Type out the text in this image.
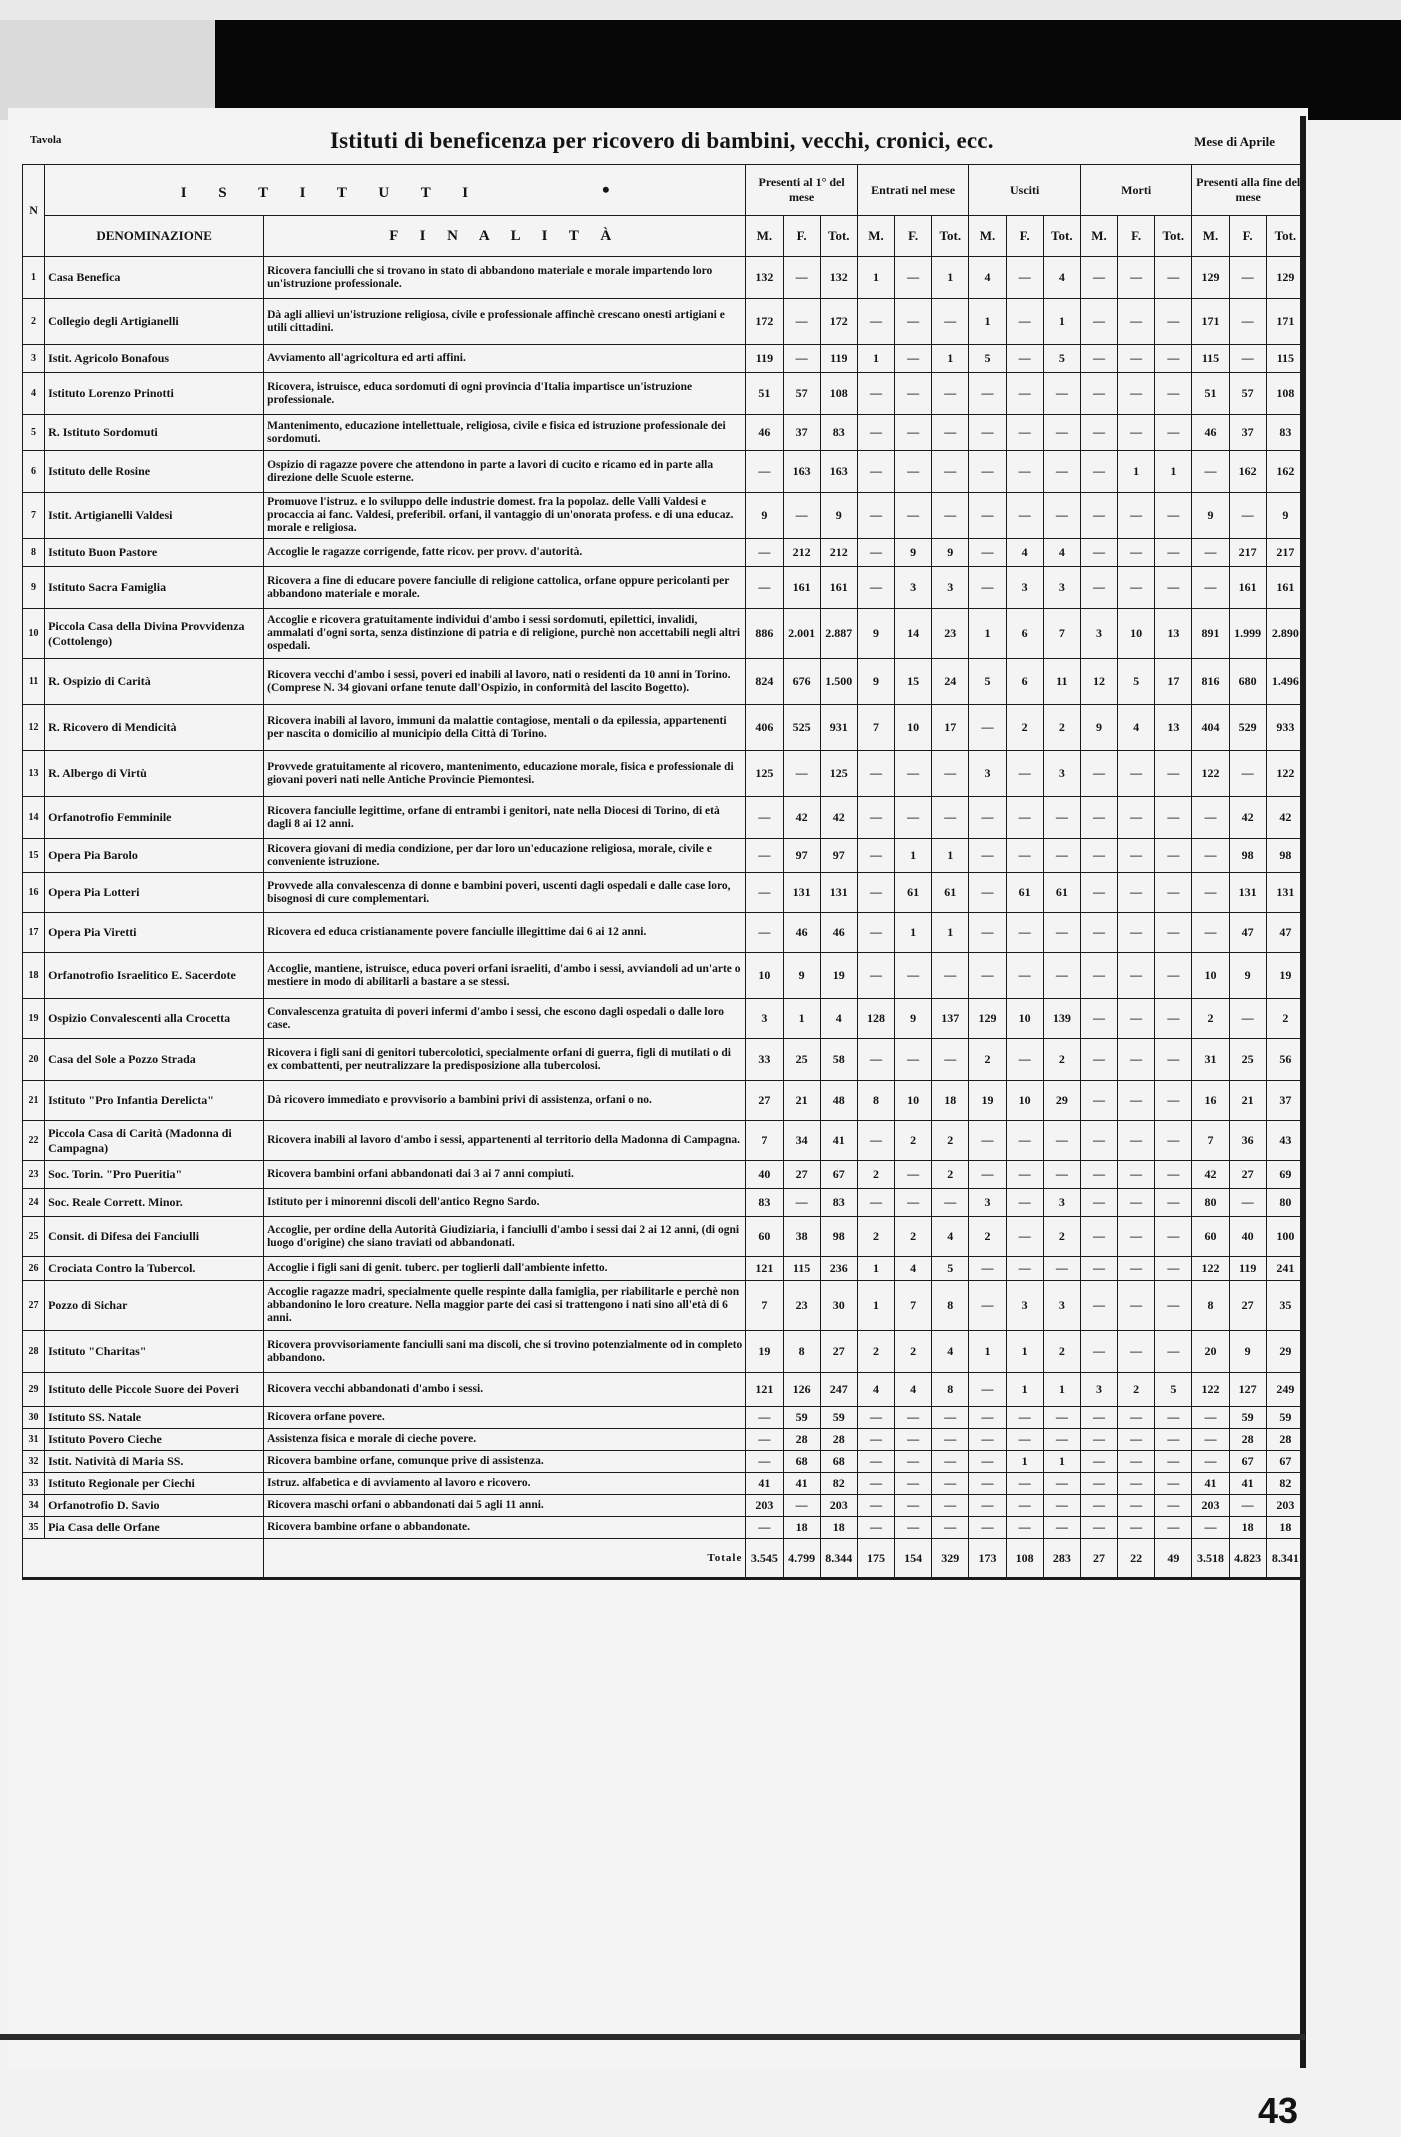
Tavola	Istituti di beneficenza per ricovero di bambini, vecchi, cronici, ecc.	Mese di Aprile
N	I S T I T U T I •		Presenti al 1° del mese			Entrati nel mese			Usciti			Morti			Presenti alla fine del mese		
	DENOMINAZIONE	F I N A L I T À	M.	F.	Tot.	M.	F.	Tot.	M.	F.	Tot.	M.	F.	Tot.	M.	F.	Tot.
1	Casa Benefica	Ricovera fanciulli che si trovano in stato di abbandono materiale e morale impartendo loro un'istruzione professionale.	132	—	132	1	—	1	4	—	4	—	—	—	129	—	129
2	Collegio degli Artigianelli	Dà agli allievi un'istruzione religiosa, civile e professionale affinchè crescano onesti artigiani e utili cittadini.	172	—	172	—	—	—	1	—	1	—	—	—	171	—	171
3	Istit. Agricolo Bonafous	Avviamento all'agricoltura ed arti affini.	119	—	119	1	—	1	5	—	5	—	—	—	115	—	115
4	Istituto Lorenzo Prinotti	Ricovera, istruisce, educa sordomuti di ogni provincia d'Italia impartisce un'istruzione professionale.	51	57	108	—	—	—	—	—	—	—	—	—	51	57	108
5	R. Istituto Sordomuti	Mantenimento, educazione intellettuale, religiosa, civile e fisica ed istruzione professionale dei sordomuti.	46	37	83	—	—	—	—	—	—	—	—	—	46	37	83
6	Istituto delle Rosine	Ospizio di ragazze povere che attendono in parte a lavori di cucito e ricamo ed in parte alla direzione delle Scuole esterne.	—	163	163	—	—	—	—	—	—	—	1	1	—	162	162
7	Istit. Artigianelli Valdesi	Promuove l'istruz. e lo sviluppo delle industrie domest. fra la popolaz. delle Valli Valdesi e procaccia ai fanc. Valdesi, preferibil. orfani, il vantaggio di un'onorata profess. e di una educaz. morale e religiosa.	9	—	9	—	—	—	—	—	—	—	—	—	9	—	9
8	Istituto Buon Pastore	Accoglie le ragazze corrigende, fatte ricov. per provv. d'autorità.	—	212	212	—	9	9	—	4	4	—	—	—	—	217	217
9	Istituto Sacra Famiglia	Ricovera a fine di educare povere fanciulle di religione cattolica, orfane oppure pericolanti per abbandono materiale e morale.	—	161	161	—	3	3	—	3	3	—	—	—	—	161	161
10	Piccola Casa della Divina Provvidenza (Cottolengo)	Accoglie e ricovera gratuitamente individui d'ambo i sessi sordomuti, epilettici, invalidi, ammalati d'ogni sorta, senza distinzione di patria e di religione, purchè non accettabili negli altri ospedali.	886	2.001	2.887	9	14	23	1	6	7	3	10	13	891	1.999	2.890
11	R. Ospizio di Carità	Ricovera vecchi d'ambo i sessi, poveri ed inabili al lavoro, nati o residenti da 10 anni in Torino. (Comprese N. 34 giovani orfane tenute dall'Ospizio, in conformità del lascito Bogetto).	824	676	1.500	9	15	24	5	6	11	12	5	17	816	680	1.496
12	R. Ricovero di Mendicità	Ricovera inabili al lavoro, immuni da malattie contagiose, mentali o da epilessia, appartenenti per nascita o domicilio al municipio della Città di Torino.	406	525	931	7	10	17	—	2	2	9	4	13	404	529	933
13	R. Albergo di Virtù	Provvede gratuitamente al ricovero, mantenimento, educazione morale, fisica e professionale di giovani poveri nati nelle Antiche Provincie Piemontesi.	125	—	125	—	—	—	3	—	3	—	—	—	122	—	122
14	Orfanotrofio Femminile	Ricovera fanciulle legittime, orfane di entrambi i genitori, nate nella Diocesi di Torino, di età dagli 8 ai 12 anni.	—	42	42	—	—	—	—	—	—	—	—	—	—	42	42
15	Opera Pia Barolo	Ricovera giovani di media condizione, per dar loro un'educazione religiosa, morale, civile e conveniente istruzione.	—	97	97	—	1	1	—	—	—	—	—	—	—	98	98
16	Opera Pia Lotteri	Provvede alla convalescenza di donne e bambini poveri, uscenti dagli ospedali e dalle case loro, bisognosi di cure complementari.	—	131	131	—	61	61	—	61	61	—	—	—	—	131	131
17	Opera Pia Viretti	Ricovera ed educa cristianamente povere fanciulle illegittime dai 6 ai 12 anni.	—	46	46	—	1	1	—	—	—	—	—	—	—	47	47
18	Orfanotrofio Israelitico E. Sacerdote	Accoglie, mantiene, istruisce, educa poveri orfani israeliti, d'ambo i sessi, avviandoli ad un'arte o mestiere in modo di abilitarli a bastare a se stessi.	10	9	19	—	—	—	—	—	—	—	—	—	10	9	19
19	Ospizio Convalescenti alla Crocetta	Convalescenza gratuita di poveri infermi d'ambo i sessi, che escono dagli ospedali o dalle loro case.	3	1	4	128	9	137	129	10	139	—	—	—	2	—	2
20	Casa del Sole a Pozzo Strada	Ricovera i figli sani di genitori tubercolotici, specialmente orfani di guerra, figli di mutilati o di ex combattenti, per neutralizzare la predisposizione alla tubercolosi.	33	25	58	—	—	—	2	—	2	—	—	—	31	25	56
21	Istituto "Pro Infantia Derelicta"	Dà ricovero immediato e provvisorio a bambini privi di assistenza, orfani o no.	27	21	48	8	10	18	19	10	29	—	—	—	16	21	37
22	Piccola Casa di Carità (Madonna di Campagna)	Ricovera inabili al lavoro d'ambo i sessi, appartenenti al territorio della Madonna di Campagna.	7	34	41	—	2	2	—	—	—	—	—	—	7	36	43
23	Soc. Torin. "Pro Pueritia"	Ricovera bambini orfani abbandonati dai 3 ai 7 anni compiuti.	40	27	67	2	—	2	—	—	—	—	—	—	42	27	69
24	Soc. Reale Corrett. Minor.	Istituto per i minorenni discoli dell'antico Regno Sardo.	83	—	83	—	—	—	3	—	3	—	—	—	80	—	80
25	Consit. di Difesa dei Fanciulli	Accoglie, per ordine della Autorità Giudiziaria, i fanciulli d'ambo i sessi dai 2 ai 12 anni, (di ogni luogo d'origine) che siano traviati od abbandonati.	60	38	98	2	2	4	2	—	2	—	—	—	60	40	100
26	Crociata Contro la Tubercol.	Accoglie i figli sani di genit. tuberc. per toglierli dall'ambiente infetto.	121	115	236	1	4	5	—	—	—	—	—	—	122	119	241
27	Pozzo di Sichar	Accoglie ragazze madri, specialmente quelle respinte dalla famiglia, per riabilitarle e perchè non abbandonino le loro creature. Nella maggior parte dei casi si trattengono i nati sino all'età di 6 anni.	7	23	30	1	7	8	—	3	3	—	—	—	8	27	35
28	Istituto "Charitas"	Ricovera provvisoriamente fanciulli sani ma discoli, che si trovino potenzialmente od in completo abbandono.	19	8	27	2	2	4	1	1	2	—	—	—	20	9	29
29	Istituto delle Piccole Suore dei Poveri	Ricovera vecchi abbandonati d'ambo i sessi.	121	126	247	4	4	8	—	1	1	3	2	5	122	127	249
30	Istituto SS. Natale	Ricovera orfane povere.	—	59	59	—	—	—	—	—	—	—	—	—	—	59	59
31	Istituto Povero Cieche	Assistenza fisica e morale di cieche povere.	—	28	28	—	—	—	—	—	—	—	—	—	—	28	28
32	Istit. Natività di Maria SS.	Ricovera bambine orfane, comunque prive di assistenza.	—	68	68	—	—	—	—	1	1	—	—	—	—	67	67
33	Istituto Regionale per Ciechi	Istruz. alfabetica e di avviamento al lavoro e ricovero.	41	41	82	—	—	—	—	—	—	—	—	—	41	41	82
34	Orfanotrofio D. Savio	Ricovera maschi orfani o abbandonati dai 5 agli 11 anni.	203	—	203	—	—	—	—	—	—	—	—	—	203	—	203
35	Pia Casa delle Orfane	Ricovera bambine orfane o abbandonate.	—	18	18	—	—	—	—	—	—	—	—	—	—	18	18
		Totale	3.545	4.799	8.344	175	154	329	173	108	283	27	22	49	3.518	4.823	8.341
43
